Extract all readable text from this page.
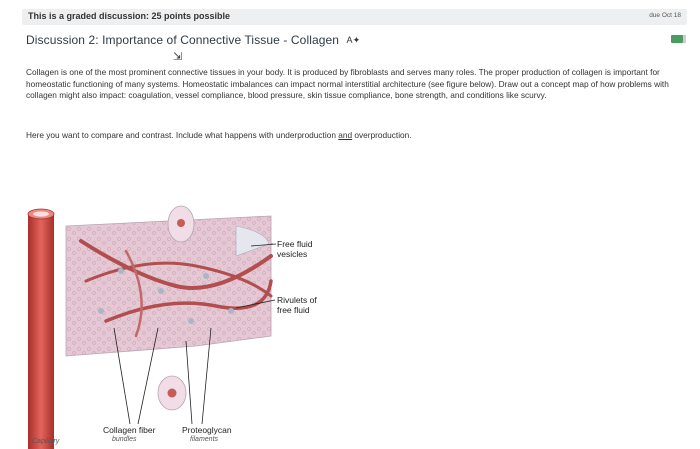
This is a graded discussion: 25 points possible	due Oct 18
Discussion 2: Importance of Connective Tissue - Collagen A✦
⇲
Collagen is one of the most prominent connective tissues in your body. It is produced by fibroblasts and serves many roles. The proper production of collagen is important for homeostatic functioning of many systems. Homeostatic imbalances can impact normal interstitial architecture (see figure below). Draw out a concept map of how problems with collagen might also impact: coagulation, vessel compliance, blood pressure, skin tissue compliance, bone strength, and conditions like scurvy.
Here you want to compare and contrast. Include what happens with underproduction and overproduction.
Free fluid vesicles
Rivulets of free fluid
Collagen fiber
bundles
Proteoglycan
filaments
Capillary
